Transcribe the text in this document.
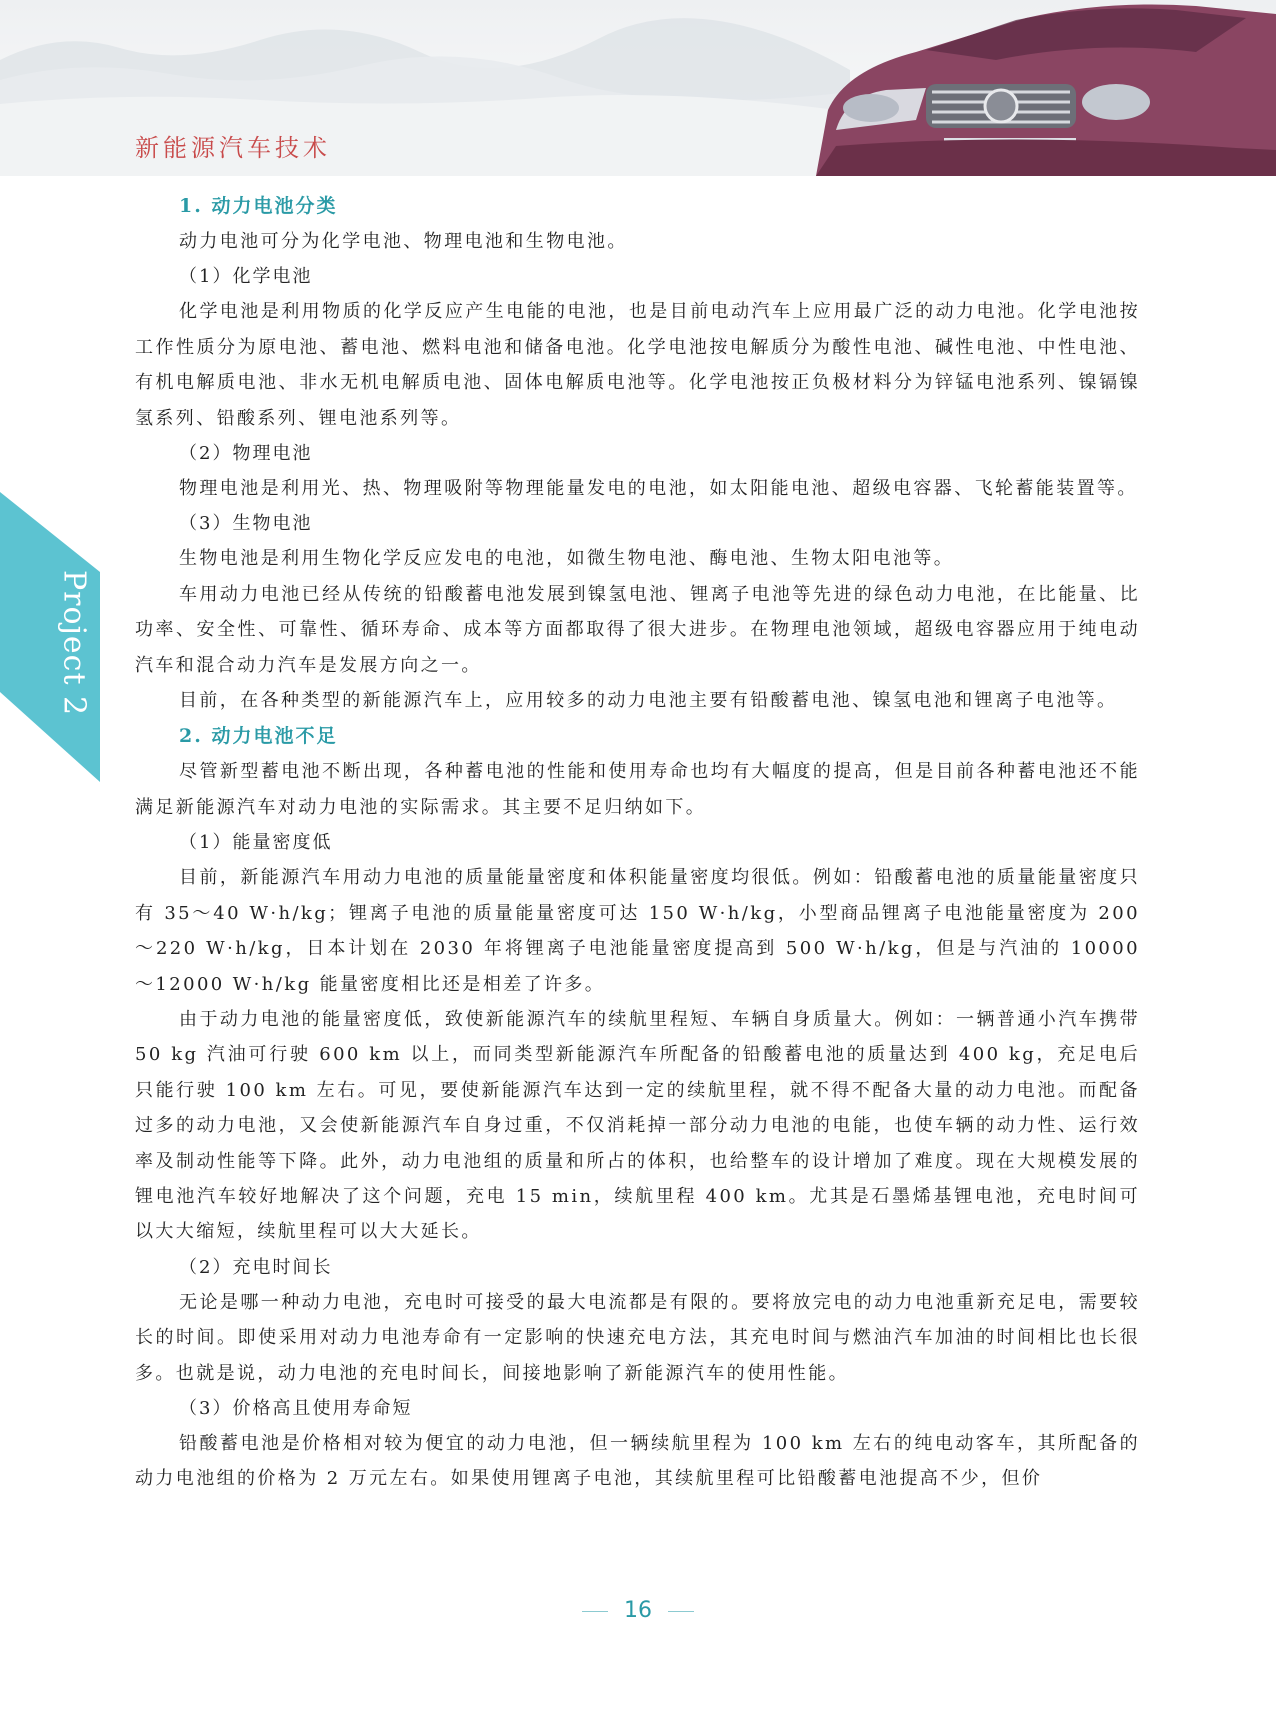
新能源汽车技术
Project 2
1. 动力电池分类

动力电池可分为化学电池、物理电池和生物电池。

（1）化学电池

化学电池是利用物质的化学反应产生电能的电池，也是目前电动汽车上应用最广泛的动力电池。化学电池按工作性质分为原电池、蓄电池、燃料电池和储备电池。化学电池按电解质分为酸性电池、碱性电池、中性电池、有机电解质电池、非水无机电解质电池、固体电解质电池等。化学电池按正负极材料分为锌锰电池系列、镍镉镍氢系列、铅酸系列、锂电池系列等。

（2）物理电池

物理电池是利用光、热、物理吸附等物理能量发电的电池，如太阳能电池、超级电容器、飞轮蓄能装置等。

（3）生物电池

生物电池是利用生物化学反应发电的电池，如微生物电池、酶电池、生物太阳电池等。

车用动力电池已经从传统的铅酸蓄电池发展到镍氢电池、锂离子电池等先进的绿色动力电池，在比能量、比功率、安全性、可靠性、循环寿命、成本等方面都取得了很大进步。在物理电池领域，超级电容器应用于纯电动汽车和混合动力汽车是发展方向之一。

目前，在各种类型的新能源汽车上，应用较多的动力电池主要有铅酸蓄电池、镍氢电池和锂离子电池等。

2. 动力电池不足

尽管新型蓄电池不断出现，各种蓄电池的性能和使用寿命也均有大幅度的提高，但是目前各种蓄电池还不能满足新能源汽车对动力电池的实际需求。其主要不足归纳如下。

（1）能量密度低

目前，新能源汽车用动力电池的质量能量密度和体积能量密度均很低。例如：铅酸蓄电池的质量能量密度只有 35～40 W·h/kg；锂离子电池的质量能量密度可达 150 W·h/kg，小型商品锂离子电池能量密度为 200～220 W·h/kg，日本计划在 2030 年将锂离子电池能量密度提高到 500 W·h/kg，但是与汽油的 10000～12000 W·h/kg 能量密度相比还是相差了许多。

由于动力电池的能量密度低，致使新能源汽车的续航里程短、车辆自身质量大。例如：一辆普通小汽车携带 50 kg 汽油可行驶 600 km 以上，而同类型新能源汽车所配备的铅酸蓄电池的质量达到 400 kg，充足电后只能行驶 100 km 左右。可见，要使新能源汽车达到一定的续航里程，就不得不配备大量的动力电池。而配备过多的动力电池，又会使新能源汽车自身过重，不仅消耗掉一部分动力电池的电能，也使车辆的动力性、运行效率及制动性能等下降。此外，动力电池组的质量和所占的体积，也给整车的设计增加了难度。现在大规模发展的锂电池汽车较好地解决了这个问题，充电 15 min，续航里程 400 km。尤其是石墨烯基锂电池，充电时间可以大大缩短，续航里程可以大大延长。

（2）充电时间长

无论是哪一种动力电池，充电时可接受的最大电流都是有限的。要将放完电的动力电池重新充足电，需要较长的时间。即使采用对动力电池寿命有一定影响的快速充电方法，其充电时间与燃油汽车加油的时间相比也长很多。也就是说，动力电池的充电时间长，间接地影响了新能源汽车的使用性能。

（3）价格高且使用寿命短

铅酸蓄电池是价格相对较为便宜的动力电池，但一辆续航里程为 100 km 左右的纯电动客车，其所配备的动力电池组的价格为 2 万元左右。如果使用锂离子电池，其续航里程可比铅酸蓄电池提高不少，但价

16
